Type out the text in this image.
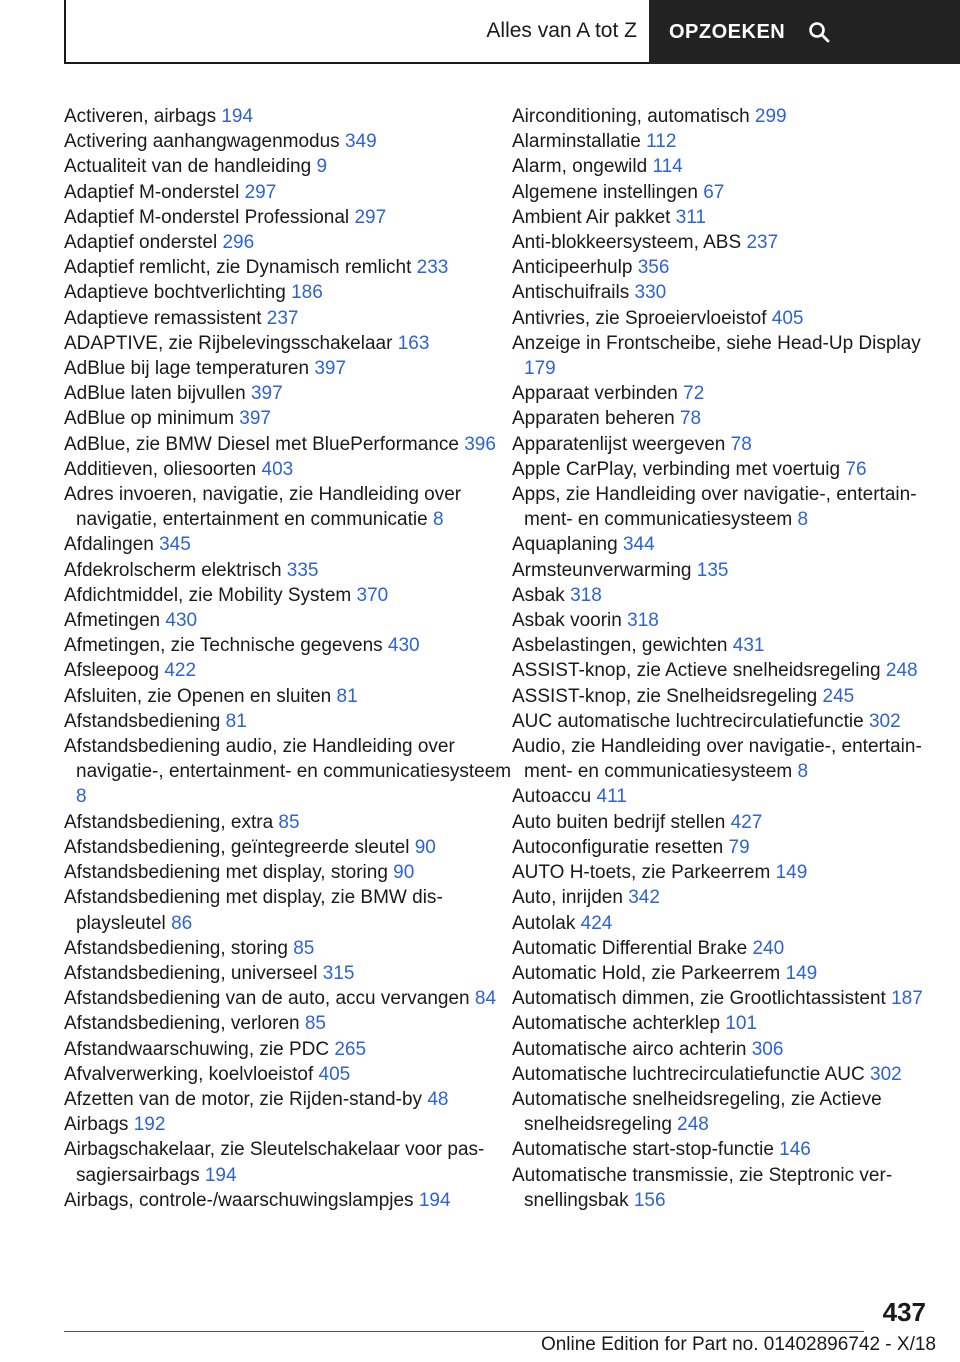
Alles van A tot Z OPZOEKEN

Activeren, airbags 194

Activering aanhangwagenmodus 349

Actualiteit van de handleiding 9

Adaptief M-onderstel 297

Adaptief M-onderstel Professional 297

Adaptief onderstel 296

Adaptief remlicht, zie Dynamisch remlicht 233

Adaptieve bochtverlichting 186

Adaptieve remassistent 237

ADAPTIVE, zie Rijbelevingsschakelaar 163

AdBlue bij lage temperaturen 397

AdBlue laten bijvullen 397

AdBlue op minimum 397

AdBlue, zie BMW Diesel met BluePerformance 396

Additieven, oliesoorten 403

Adres invoeren, navigatie, zie Handleiding over navigatie, entertainment en communicatie 8

Afdalingen 345

Afdekrolscherm elektrisch 335

Afdichtmiddel, zie Mobility System 370

Afmetingen 430

Afmetingen, zie Technische gegevens 430

Afsleepoog 422

Afsluiten, zie Openen en sluiten 81

Afstandsbediening 81

Afstandsbediening audio, zie Handleiding over navigatie-, entertainment- en communicatiesysteem 8

Afstandsbediening, extra 85

Afstandsbediening, geïntegreerde sleutel 90

Afstandsbediening met display, storing 90

Afstandsbediening met display, zie BMW displaysleutel 86

Afstandsbediening, storing 85

Afstandsbediening, universeel 315

Afstandsbediening van de auto, accu vervangen 84

Afstandsbediening, verloren 85

Afstandwaarschuwing, zie PDC 265

Afvalverwerking, koelvloeistof 405

Afzetten van de motor, zie Rijden-stand-by 48

Airbags 192

Airbagschakelaar, zie Sleutelschakelaar voor passagiersairbags 194

Airbags, controle-/waarschuwingslampjes 194

Airconditioning, automatisch 299

Alarminstallatie 112

Alarm, ongewild 114

Algemene instellingen 67

Ambient Air pakket 311

Anti-blokkeersysteem, ABS 237

Anticipeerhulp 356

Antischuifrails 330

Antivries, zie Sproeiervloeistof 405

Anzeige in Frontscheibe, siehe Head-Up Display 179

Apparaat verbinden 72

Apparaten beheren 78

Apparatenlijst weergeven 78

Apple CarPlay, verbinding met voertuig 76

Apps, zie Handleiding over navigatie-, entertainment- en communicatiesysteem 8

Aquaplaning 344

Armsteunverwarming 135

Asbak 318

Asbak voorin 318

Asbelastingen, gewichten 431

ASSIST-knop, zie Actieve snelheidsregeling 248

ASSIST-knop, zie Snelheidsregeling 245

AUC automatische luchtrecirculatiefunctie 302

Audio, zie Handleiding over navigatie-, entertainment- en communicatiesysteem 8

Autoaccu 411

Auto buiten bedrijf stellen 427

Autoconfiguratie resetten 79

AUTO H-toets, zie Parkeerrem 149

Auto, inrijden 342

Autolak 424

Automatic Differential Brake 240

Automatic Hold, zie Parkeerrem 149

Automatisch dimmen, zie Grootlichtassistent 187

Automatische achterklep 101

Automatische airco achterin 306

Automatische luchtrecirculatiefunctie AUC 302

Automatische snelheidsregeling, zie Actieve snelheidsregeling 248

Automatische start-stop-functie 146

Automatische transmissie, zie Steptronic versnellingsbak 156

437
Online Edition for Part no. 01402896742 - X/18
